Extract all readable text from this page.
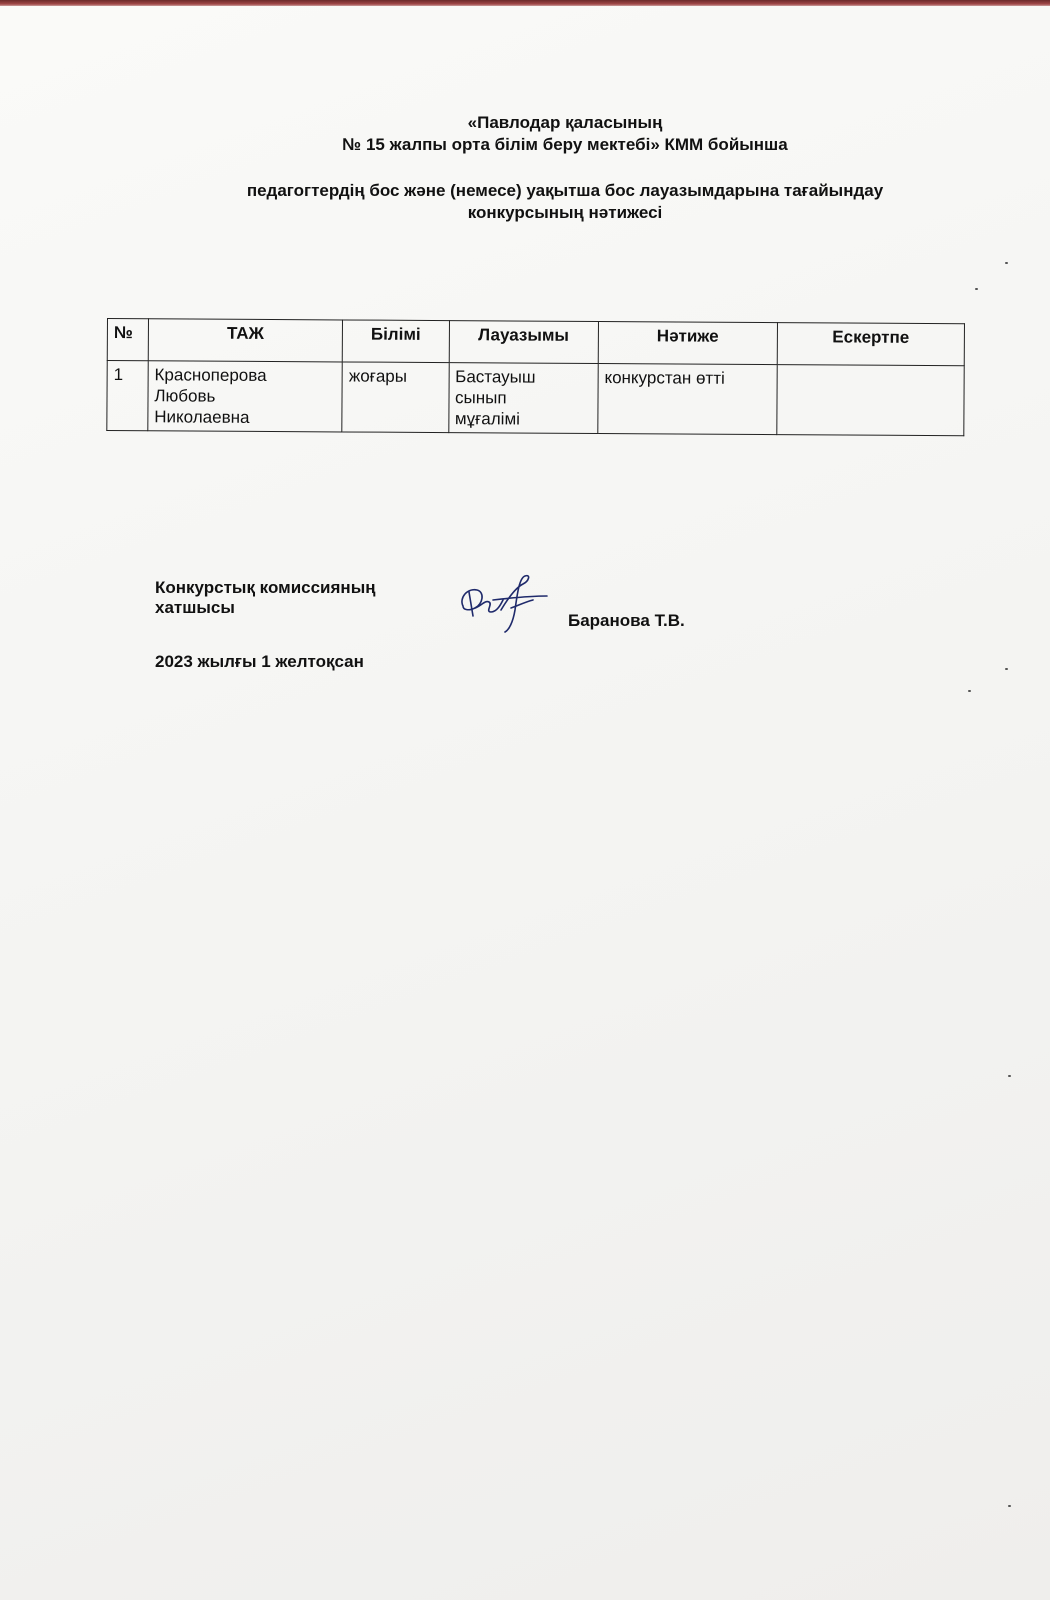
«Павлодар қаласының
№ 15 жалпы орта білім беру мектебі» КММ бойынша
педагогтердің бос және (немесе) уақытша бос лауазымдарына тағайындау
конкурсының нәтижесі
№	ТАЖ	Білімі	Лауазымы	Нәтиже	Ескертпе
1	Красноперова
Любовь
Николаевна	жоғары	Бастауыш
сынып
мұғалімі	конкурстан өтті	
Конкурстық комиссияның
хатшысы
Баранова Т.В.
2023 жылғы 1 желтоқсан
